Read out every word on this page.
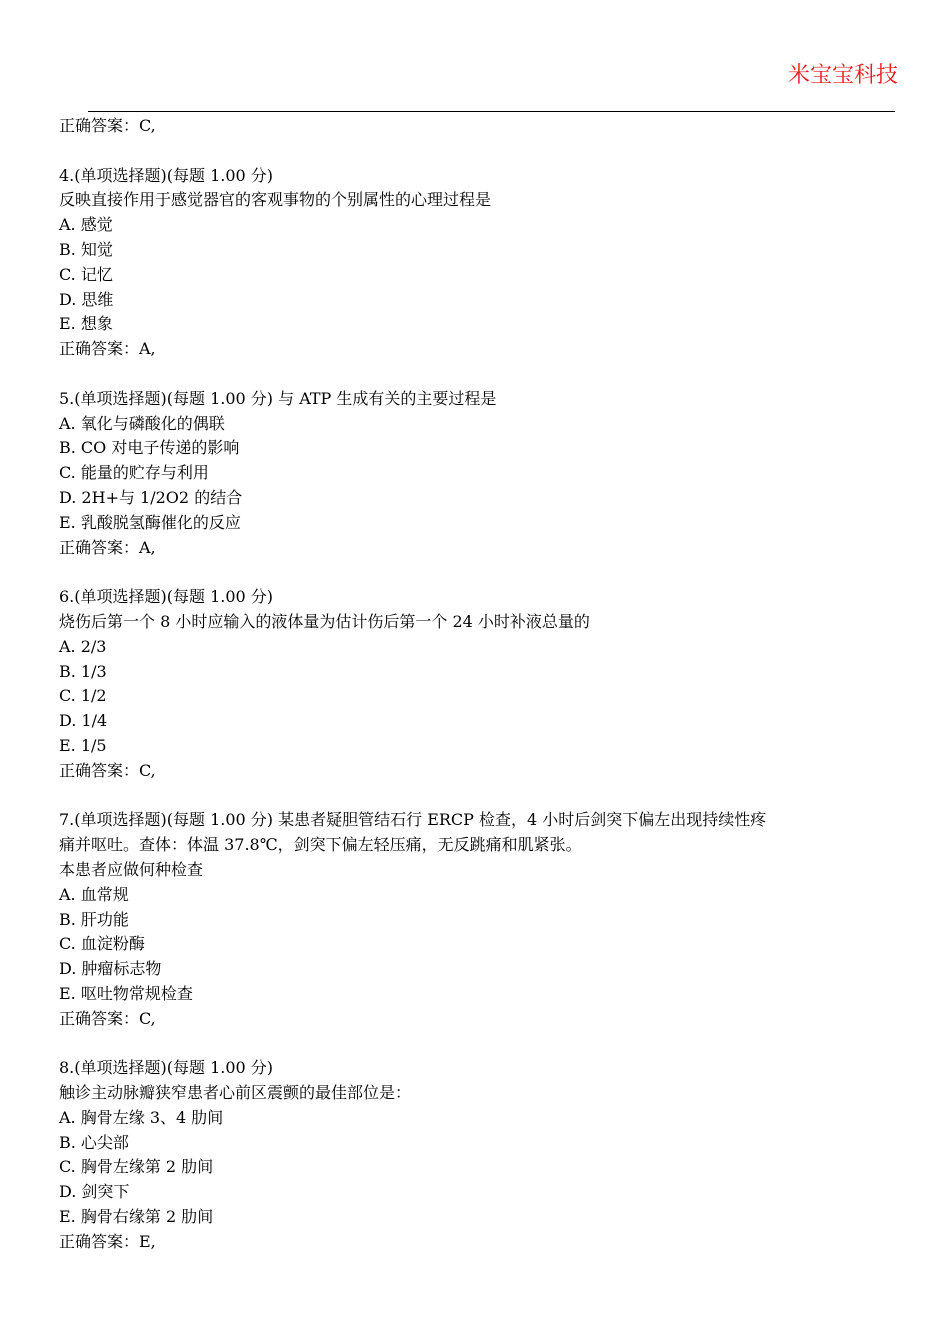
米宝宝科技
正确答案：C,
4.(单项选择题)(每题 1.00 分)
反映直接作用于感觉器官的客观事物的个别属性的心理过程是
A. 感觉
B. 知觉
C. 记忆
D. 思维
E. 想象
正确答案：A,
5.(单项选择题)(每题 1.00 分) 与 ATP 生成有关的主要过程是
A. 氧化与磷酸化的偶联
B. CO 对电子传递的影响
C. 能量的贮存与利用
D. 2H+与 1/2O2 的结合
E. 乳酸脱氢酶催化的反应
正确答案：A,
6.(单项选择题)(每题 1.00 分)
烧伤后第一个 8 小时应输入的液体量为估计伤后第一个 24 小时补液总量的
A. 2/3
B. 1/3
C. 1/2
D. 1/4
E. 1/5
正确答案：C,
7.(单项选择题)(每题 1.00 分) 某患者疑胆管结石行 ERCP 检查，4 小时后剑突下偏左出现持续性疼
痛并呕吐。查体：体温 37.8℃，剑突下偏左轻压痛，无反跳痛和肌紧张。
本患者应做何种检查
A. 血常规
B. 肝功能
C. 血淀粉酶
D. 肿瘤标志物
E. 呕吐物常规检查
正确答案：C,
8.(单项选择题)(每题 1.00 分)
触诊主动脉瓣狭窄患者心前区震颤的最佳部位是：
A. 胸骨左缘 3、4 肋间
B. 心尖部
C. 胸骨左缘第 2 肋间
D. 剑突下
E. 胸骨右缘第 2 肋间
正确答案：E,
